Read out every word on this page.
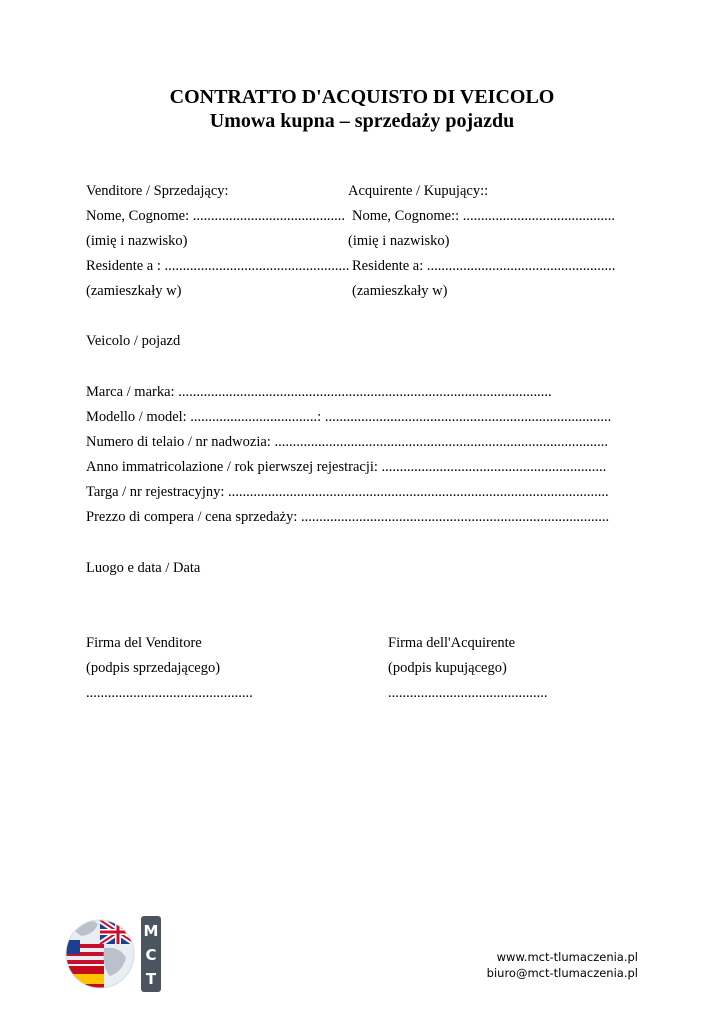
CONTRATTO D'ACQUISTO DI VEICOLO
Umowa kupna – sprzedaży pojazdu

Venditore / Sprzedający:	Acquirente / Kupujący::

Nome, Cognome: .......................................... Nome, Cognome:: ..........................................

(imię i nazwisko)	(imię i nazwisko)

Residente a : ................................................... Residente a: ....................................................

(zamieszkały w)	(zamieszkały w)

Veicolo / pojazd

Marca / marka: .......................................................................................................

Modello / model: ...................................: ...............................................................................

Numero di telaio / nr nadwozia: ............................................................................................

Anno immatricolazione / rok pierwszej rejestracji: ..............................................................

Targa / nr rejestracyjny: .........................................................................................................

Prezzo di compera / cena sprzedaży: .....................................................................................

Luogo e data / Data

Firma del Venditore	Firma dell'Acquirente

(podpis sprzedającego)	(podpis kupującego)

..............................................	............................................

M
C
T
www.mct-tlumaczenia.pl
biuro@mct-tlumaczenia.pl
